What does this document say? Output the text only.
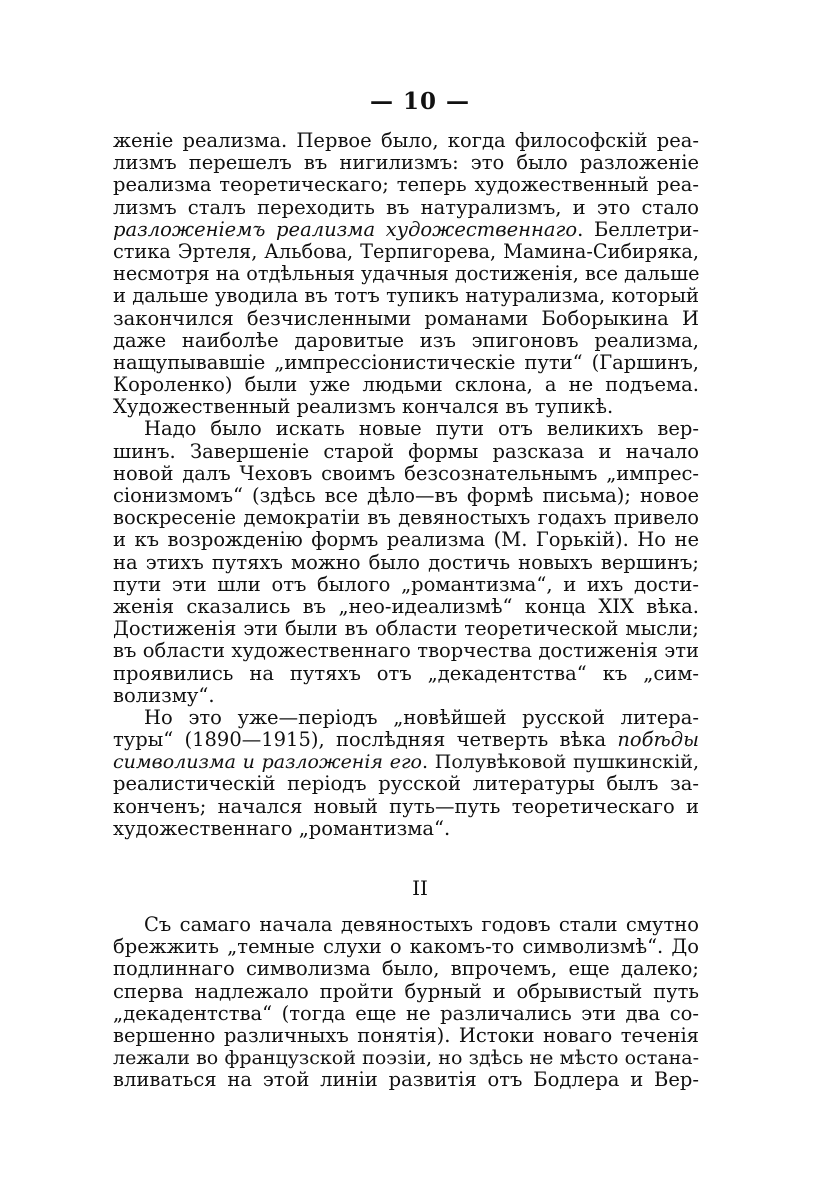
— 10 —
женіе реализма. Первое было, когда философскій реа-
лизмъ перешелъ въ нигилизмъ: это было разложеніе
реализма теоретическаго; теперь художественный реа-
лизмъ сталъ переходить въ натурализмъ, и это стало
разложеніемъ реализма художественнаго. Беллетри-
стика Эртеля, Альбова, Терпигорева, Мамина-Сибиряка,
несмотря на отдѣльныя удачныя достиженія, все дальше
и дальше уводила въ тотъ тупикъ натурализма, который
закончился безчисленными романами Боборыкина И
даже наиболѣе даровитые изъ эпигоновъ реализма,
нащупывавшіе „импрессіонистическіе пути“ (Гаршинъ,
Короленко) были уже людьми склона, а не подъема.
Художественный реализмъ кончался въ тупикѣ.
Надо было искать новые пути отъ великихъ вер-
шинъ. Завершеніе старой формы разсказа и начало
новой далъ Чеховъ своимъ безсознательнымъ „импрес-
сіонизмомъ“ (здѣсь все дѣло—въ формѣ письма); новое
воскресеніе демократіи въ девяностыхъ годахъ привело
и къ возрожденію формъ реализма (М. Горькій). Но не
на этихъ путяхъ можно было достичь новыхъ вершинъ;
пути эти шли отъ былого „романтизма“, и ихъ дости-
женія сказались въ „нео-идеализмѣ“ конца XIX вѣка.
Достиженія эти были въ области теоретической мысли;
въ области художественнаго творчества достиженія эти
проявились на путяхъ отъ „декадентства“ къ „сим-
волизму“.
Но это уже—періодъ „новѣйшей русской литера-
туры“ (1890—1915), послѣдняя четверть вѣка побѣды
символизма и разложенія его. Полувѣковой пушкинскій,
реалистическій періодъ русской литературы былъ за-
конченъ; начался новый путь—путь теоретическаго и
художественнаго „романтизма“.
II
Съ самаго начала девяностыхъ годовъ стали смутно
брежжить „темные слухи о какомъ-то символизмѣ“. До
подлиннаго символизма было, впрочемъ, еще далеко;
сперва надлежало пройти бурный и обрывистый путь
„декадентства“ (тогда еще не различались эти два со-
вершенно различныхъ понятія). Истоки новаго теченія
лежали во французской поэзіи, но здѣсь не мѣсто остана-
вливаться на этой линіи развитія отъ Бодлера и Вер-
